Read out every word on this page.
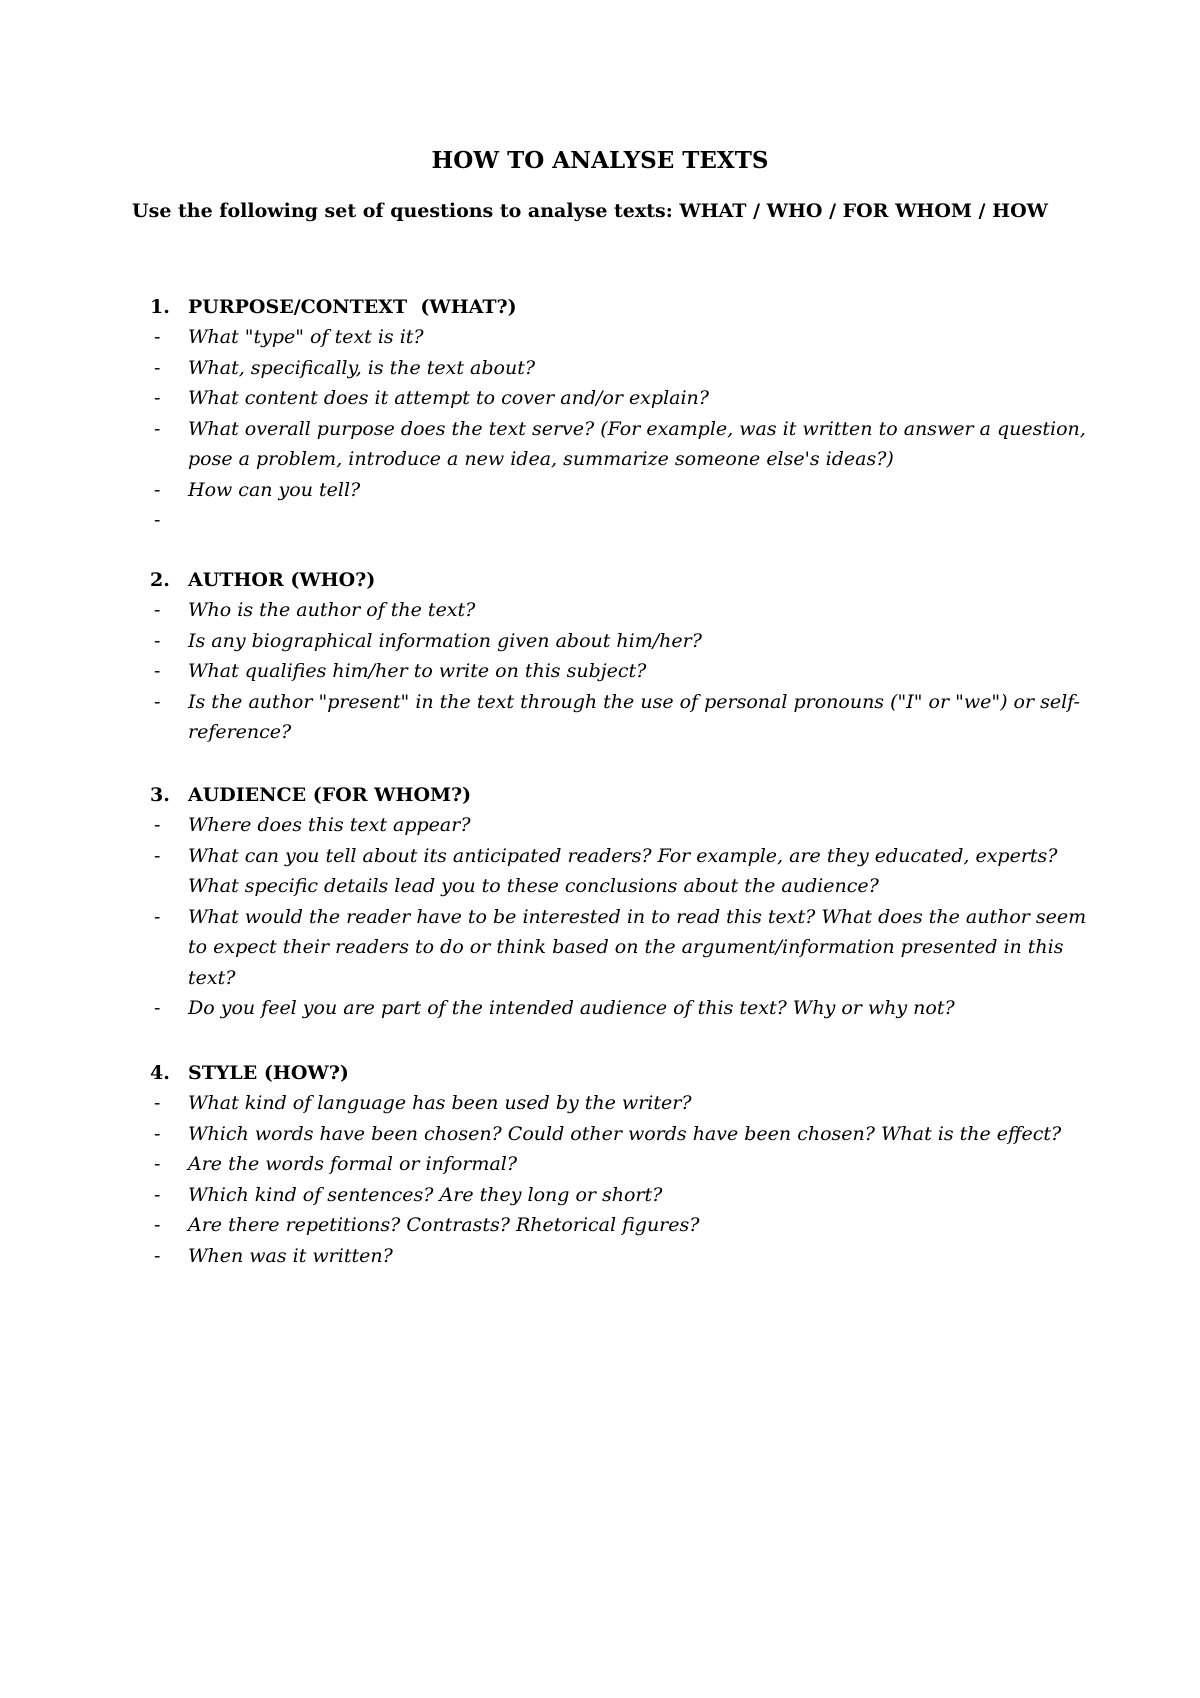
HOW TO ANALYSE TEXTS
Use the following set of questions to analyse texts: WHAT / WHO / FOR WHOM / HOW
1. PURPOSE/CONTEXT  (WHAT?)
- What "type" of text is it?
- What, specifically, is the text about?
- What content does it attempt to cover and/or explain?
- What overall purpose does the text serve? (For example, was it written to answer a question, pose a problem, introduce a new idea, summarize someone else's ideas?)
- How can you tell?
-
2. AUTHOR (WHO?)
- Who is the author of the text?
- Is any biographical information given about him/her?
- What qualifies him/her to write on this subject?
- Is the author "present" in the text through the use of personal pronouns ("I" or "we") or self-reference?
3. AUDIENCE (FOR WHOM?)
- Where does this text appear?
- What can you tell about its anticipated readers? For example, are they educated, experts? What specific details lead you to these conclusions about the audience?
- What would the reader have to be interested in to read this text? What does the author seem to expect their readers to do or think based on the argument/information presented in this text?
- Do you feel you are part of the intended audience of this text? Why or why not?
4. STYLE (HOW?)
- What kind of language has been used by the writer?
- Which words have been chosen? Could other words have been chosen? What is the effect?
- Are the words formal or informal?
- Which kind of sentences? Are they long or short?
- Are there repetitions? Contrasts? Rhetorical figures?
- When was it written?
